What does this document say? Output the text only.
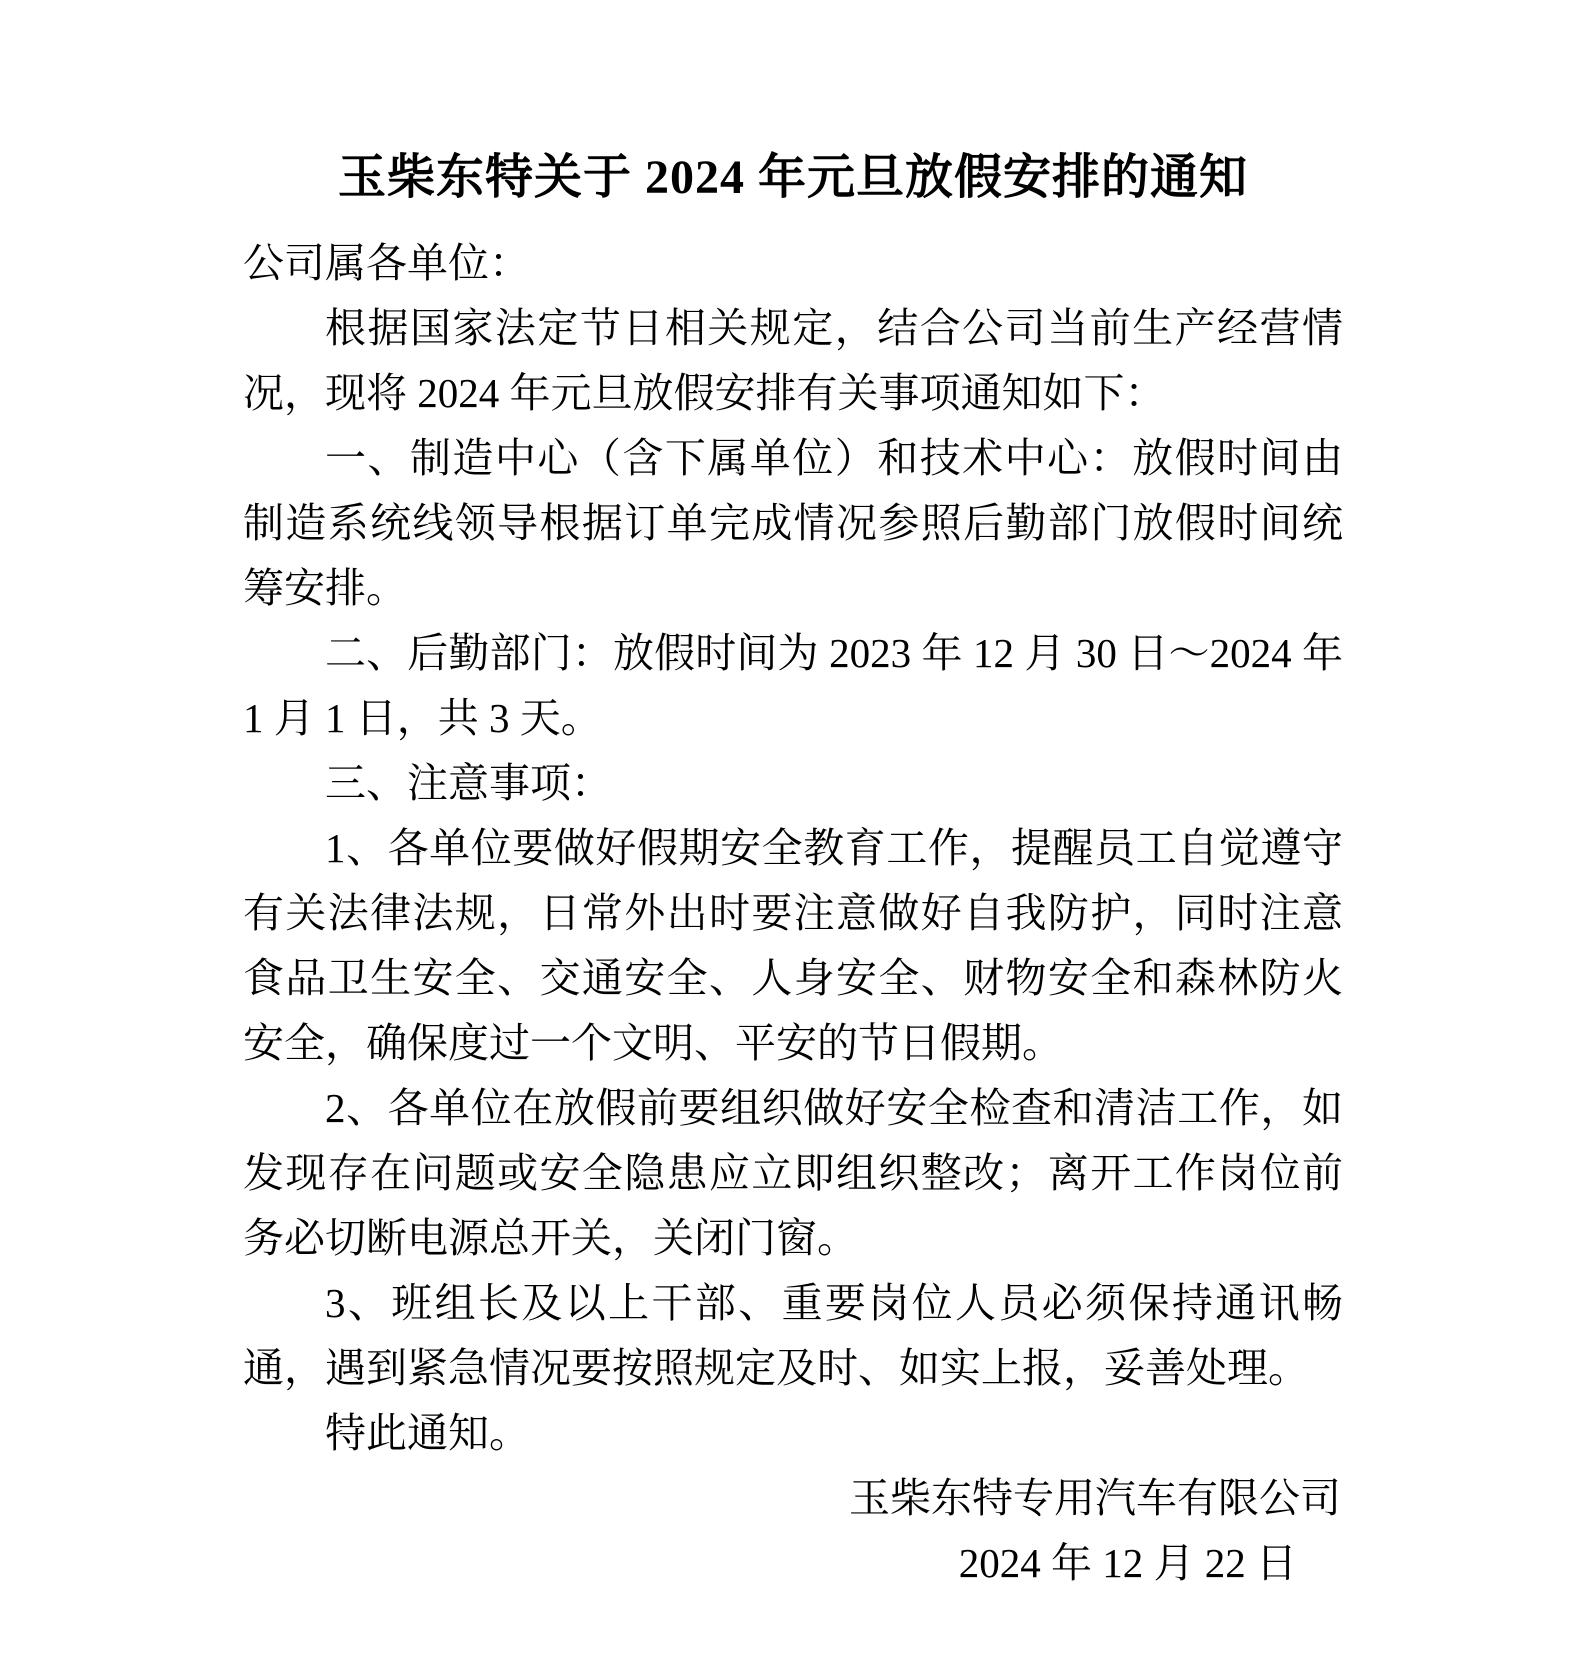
玉柴东特关于 2024 年元旦放假安排的通知

公司属各单位：

根据国家法定节日相关规定，结合公司当前生产经营情况，现将 2024 年元旦放假安排有关事项通知如下：

一、制造中心（含下属单位）和技术中心：放假时间由制造系统线领导根据订单完成情况参照后勤部门放假时间统筹安排。

二、后勤部门：放假时间为 2023 年 12 月 30 日～2024 年 1 月 1 日，共 3 天。

三、注意事项：

1、各单位要做好假期安全教育工作，提醒员工自觉遵守有关法律法规，日常外出时要注意做好自我防护，同时注意食品卫生安全、交通安全、人身安全、财物安全和森林防火安全，确保度过一个文明、平安的节日假期。

2、各单位在放假前要组织做好安全检查和清洁工作，如发现存在问题或安全隐患应立即组织整改；离开工作岗位前务必切断电源总开关，关闭门窗。

3、班组长及以上干部、重要岗位人员必须保持通讯畅通，遇到紧急情况要按照规定及时、如实上报，妥善处理。

特此通知。

玉柴东特专用汽车有限公司

2024 年 12 月 22 日
